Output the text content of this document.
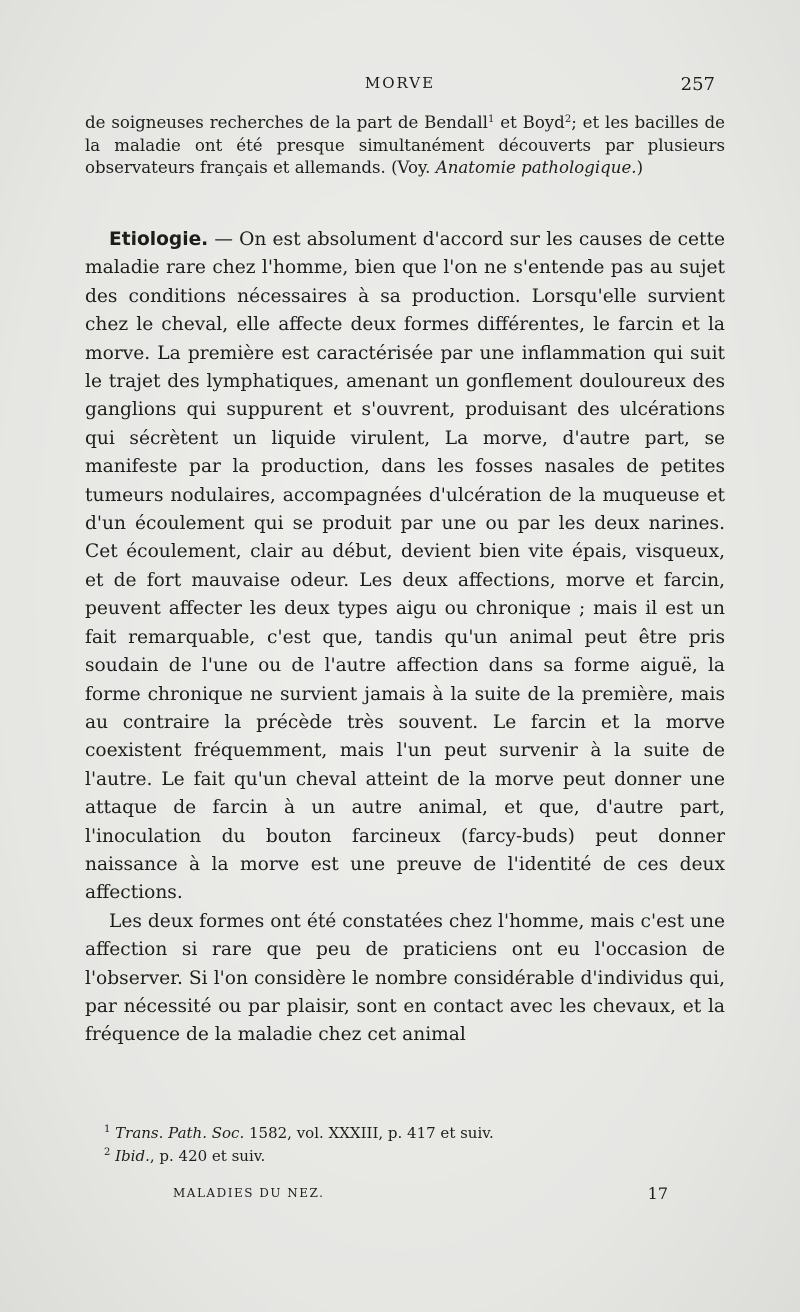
MORVE	257

de soigneuses recherches de la part de Bendall$^1$ et Boyd$^2$; et les bacilles de la maladie ont été presque simultanément découverts par plusieurs observateurs français et allemands. (Voy. Anatomie pathologique.)

Etiologie. — On est absolument d'accord sur les causes de cette maladie rare chez l'homme, bien que l'on ne s'entende pas au sujet des conditions nécessaires à sa production. Lorsqu'elle survient chez le cheval, elle affecte deux formes différentes, le farcin et la morve. La première est caractérisée par une inflammation qui suit le trajet des lymphatiques, amenant un gonflement douloureux des ganglions qui suppurent et s'ouvrent, produisant des ulcérations qui sécrètent un liquide virulent, La morve, d'autre part, se manifeste par la production, dans les fosses nasales de petites tumeurs nodulaires, accompagnées d'ulcération de la muqueuse et d'un écoulement qui se produit par une ou par les deux narines. Cet écoulement, clair au début, devient bien vite épais, visqueux, et de fort mauvaise odeur. Les deux affections, morve et farcin, peuvent affecter les deux types aigu ou chronique ; mais il est un fait remarquable, c'est que, tandis qu'un animal peut être pris soudain de l'une ou de l'autre affection dans sa forme aiguë, la forme chronique ne survient jamais à la suite de la première, mais au contraire la précède très souvent. Le farcin et la morve coexistent fréquemment, mais l'un peut survenir à la suite de l'autre. Le fait qu'un cheval atteint de la morve peut donner une attaque de farcin à un autre animal, et que, d'autre part, l'inoculation du bouton farcineux (farcy-buds) peut donner naissance à la morve est une preuve de l'identité de ces deux affections.

Les deux formes ont été constatées chez l'homme, mais c'est une affection si rare que peu de praticiens ont eu l'occasion de l'observer. Si l'on considère le nombre considérable d'individus qui, par nécessité ou par plaisir, sont en contact avec les chevaux, et la fréquence de la maladie chez cet animal

$^1$ Trans. Path. Soc. 1582, vol. XXXIII, p. 417 et suiv.

$^2$ Ibid., p. 420 et suiv.

MALADIES DU NEZ.	17
